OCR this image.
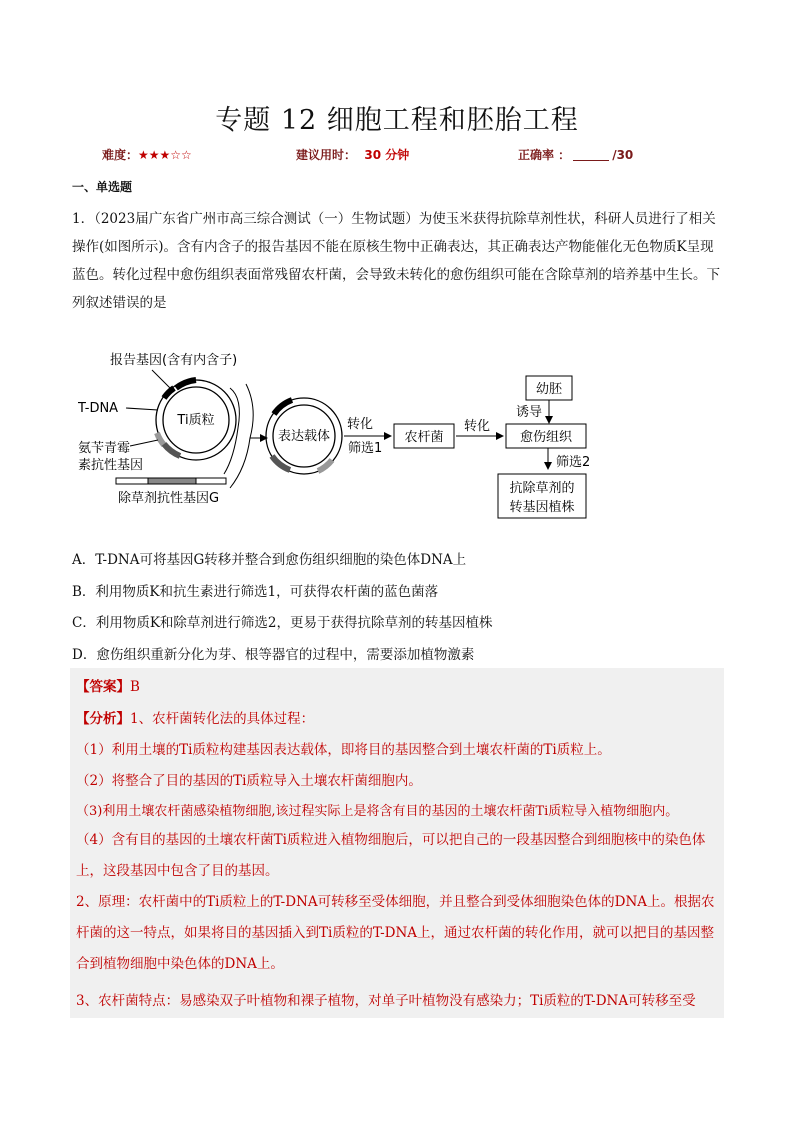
专题 12 细胞工程和胚胎工程
难度：★★★☆☆	建议用时： 30 分钟	正确率 ：	/30
一、单选题
1．（2023届广东省广州市高三综合测试（一）生物试题）为使玉米获得抗除草剂性状，科研人员进行了相关操作(如图所示)。含有内含子的报告基因不能在原核生物中正确表达，其正确表达产物能催化无色物质K呈现蓝色。转化过程中愈伤组织表面常残留农杆菌，会导致未转化的愈伤组织可能在含除草剂的培养基中生长。下列叙述错误的是
Ti质粒
报告基因(含有内含子)
T-DNA
氨苄青霉
素抗性基因
除草剂抗性基因G
表达载体
转化
筛选1
农杆菌
转化
幼胚
诱导
愈伤组织
筛选2
抗除草剂的
转基因植株
A．T-DNA可将基因G转移并整合到愈伤组织细胞的染色体DNA上
B．利用物质K和抗生素进行筛选1，可获得农杆菌的蓝色菌落
C．利用物质K和除草剂进行筛选2，更易于获得抗除草剂的转基因植株
D．愈伤组织重新分化为芽、根等器官的过程中，需要添加植物激素
【答案】B
【分析】1、农杆菌转化法的具体过程：
（1）利用土壤的Ti质粒构建基因表达载体，即将目的基因整合到土壤农杆菌的Ti质粒上。
（2）将整合了目的基因的Ti质粒导入土壤农杆菌细胞内。
（3)利用土壤农杆菌感染植物细胞,该过程实际上是将含有目的基因的土壤农杆菌Ti质粒导入植物细胞内。
（4）含有目的基因的土壤农杆菌Ti质粒进入植物细胞后，可以把自己的一段基因整合到细胞核中的染色体上，这段基因中包含了目的基因。
2、原理：农杆菌中的Ti质粒上的T-DNA可转移至受体细胞，并且整合到受体细胞染色体的DNA上。根据农杆菌的这一特点，如果将目的基因插入到Ti质粒的T-DNA上，通过农杆菌的转化作用，就可以把目的基因整合到植物细胞中染色体的DNA上。
3、农杆菌特点：易感染双子叶植物和裸子植物，对单子叶植物没有感染力；Ti质粒的T-DNA可转移至受
